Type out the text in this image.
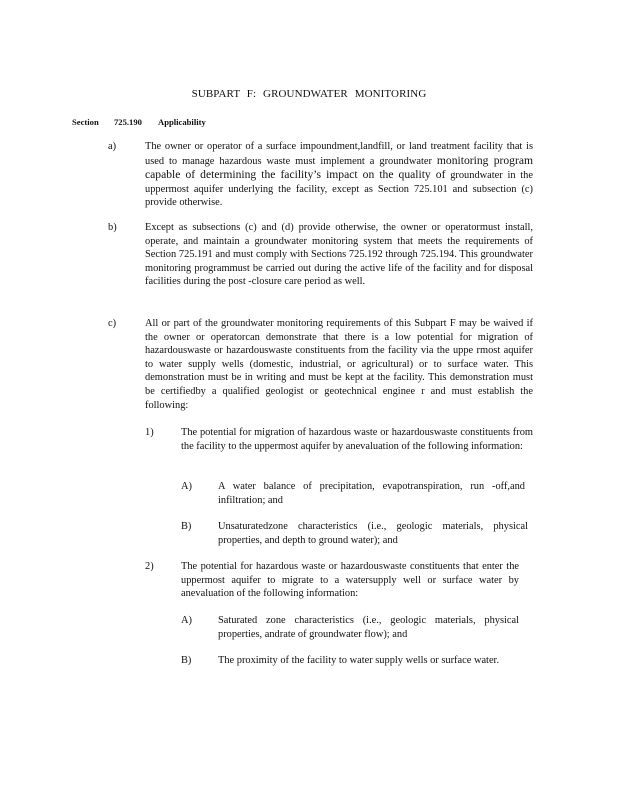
SUBPART F: GROUNDWATER MONITORING
Section 725.190 Applicability
a)	The owner or operator of a surface impoundment,landfill, or land treatment facility that is used to manage hazardous waste must implement a groundwater monitoring program capable of determining the facility’s impact on the quality of groundwater in the uppermost aquifer underlying the facility, except as Section 725.101 and subsection (c) provide otherwise.
b)	Except as subsections (c) and (d) provide otherwise, the owner or operatormust install, operate, and maintain a groundwater monitoring system that meets the requirements of Section 725.191 and must comply with Sections 725.192 through 725.194. This groundwater monitoring programmust be carried out during the active life of the facility and for disposal facilities during the post -closure care period as well.
c)	All or part of the groundwater monitoring requirements of this Subpart F may be waived if the owner or operatorcan demonstrate that there is a low potential for migration of hazardouswaste or hazardouswaste constituents from the facility via the uppe rmost aquifer to water supply wells (domestic, industrial, or agricultural) or to surface water. This demonstration must be in writing and must be kept at the facility. This demonstration must be certifiedby a qualified geologist or geotechnical enginee r and must establish the following:
1)	The potential for migration of hazardous waste or hazardouswaste constituents from the facility to the uppermost aquifer by anevaluation of the following information:
A)	A water balance of precipitation, evapotranspiration, run -off,and infiltration; and
B)	Unsaturatedzone characteristics (i.e., geologic materials, physical properties, and depth to ground water); and
2)	The potential for hazardous waste or hazardouswaste constituents that enter the uppermost aquifer to migrate to a watersupply well or surface water by anevaluation of the following information:
A)	Saturated zone characteristics (i.e., geologic materials, physical properties, andrate of groundwater flow); and
B)	The proximity of the facility to water supply wells or surface water.
